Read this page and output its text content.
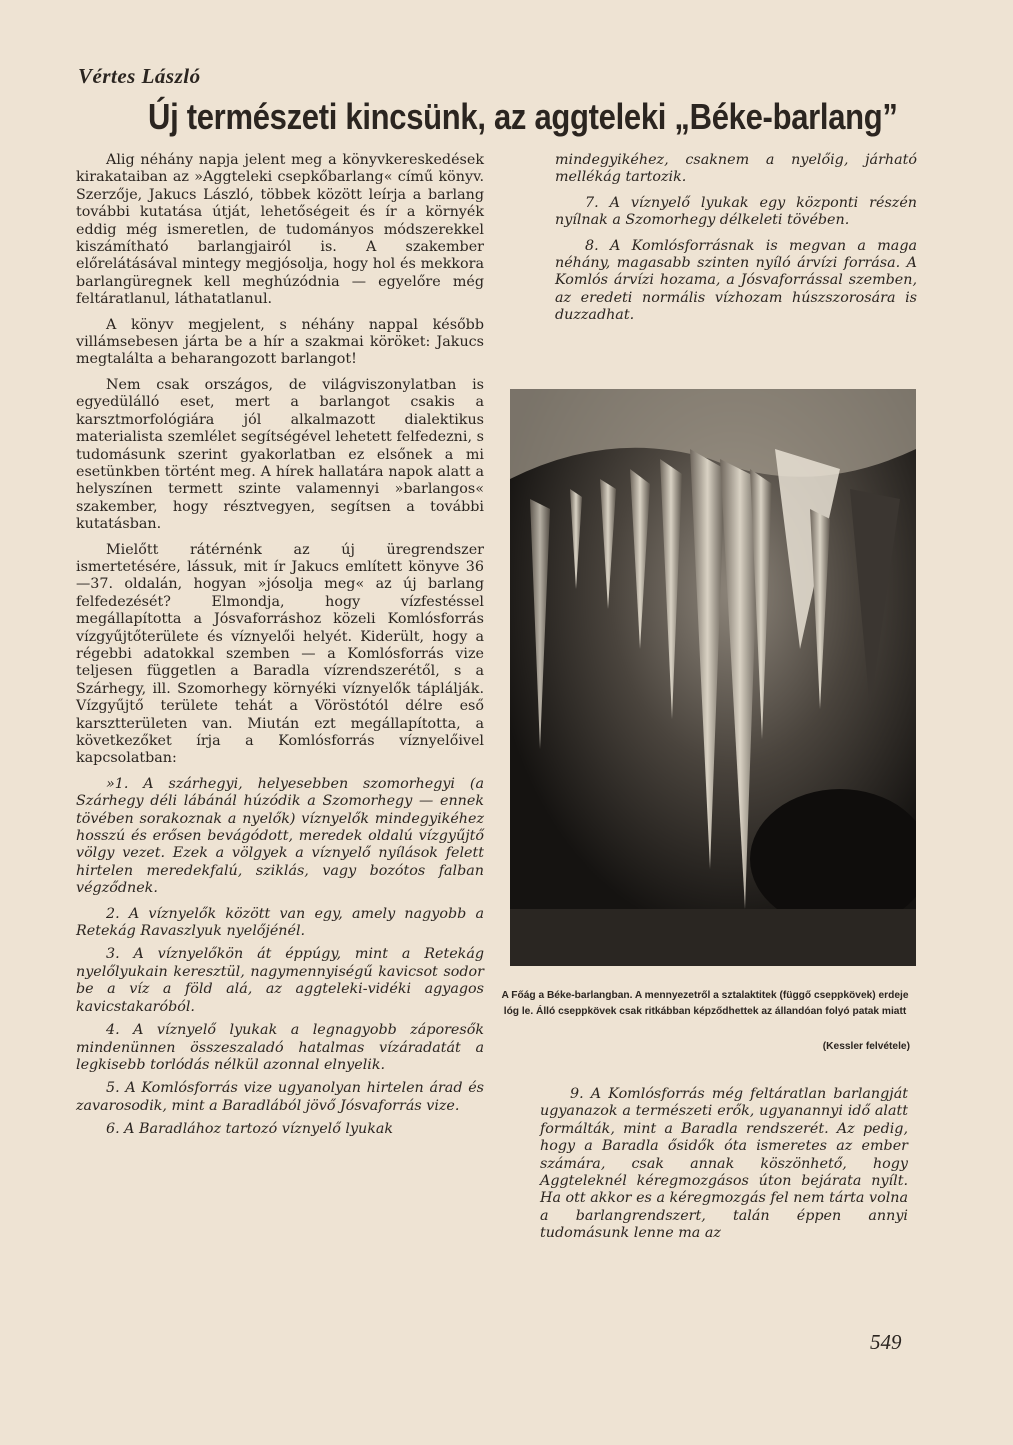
Vértes László
Új természeti kincsünk, az aggteleki „Béke-barlang”

Alig néhány napja jelent meg a könyvkereskedések kirakataiban az »Aggteleki csepkőbarlang« című könyv. Szerzője, Jakucs László, többek között leírja a barlang további kutatása útját, lehetőségeit és ír a környék eddig még ismeretlen, de tudományos módszerekkel kiszámítható barlangjairól is. A szakember előrelátásával mintegy megjósolja, hogy hol és mekkora barlangüregnek kell meghúzódnia — egyelőre még feltáratlanul, láthatatlanul.

A könyv megjelent, s néhány nappal később villámsebesen járta be a hír a szakmai köröket: Jakucs megtalálta a beharangozott barlangot!

Nem csak országos, de világviszonylatban is egyedülálló eset, mert a barlangot csakis a karsztmorfológiára jól alkalmazott dialektikus materialista szemlélet segítségével lehetett felfedezni, s tudomásunk szerint gyakorlatban ez elsőnek a mi esetünkben történt meg. A hírek hallatára napok alatt a helyszínen termett szinte valamennyi »barlangos« szakember, hogy résztvegyen, segítsen a további kutatásban.

Mielőtt rátérnénk az új üregrendszer ismertetésére, lássuk, mit ír Jakucs említett könyve 36—37. oldalán, hogyan »jósolja meg« az új barlang felfedezését? Elmondja, hogy vízfestéssel megállapította a Jósvaforráshoz közeli Komlósforrás vízgyűjtőterülete és víznyelői helyét. Kiderült, hogy a régebbi adatokkal szemben — a Komlósforrás vize teljesen független a Baradla vízrendszerétől, s a Szárhegy, ill. Szomorhegy környéki víznyelők táplálják. Vízgyűjtő területe tehát a Vöröstótól délre eső karsztterületen van. Miután ezt megállapította, a következőket írja a Komlósforrás víznyelőivel kapcsolatban:

»1. A szárhegyi, helyesebben szomorhegyi (a Szárhegy déli lábánál húzódik a Szomorhegy — ennek tövében sorakoznak a nyelők) víznyelők mindegyikéhez hosszú és erősen bevágódott, meredek oldalú vízgyűjtő völgy vezet. Ezek a völgyek a víznyelő nyílások felett hirtelen meredekfalú, sziklás, vagy bozótos falban végződnek.

2. A víznyelők között van egy, amely nagyobb a Retekág Ravaszlyuk nyelőjénél.

3. A víznyelőkön át éppúgy, mint a Retekág nyelőlyukain keresztül, nagymennyiségű kavicsot sodor be a víz a föld alá, az aggteleki-vidéki agyagos kavicstakaróból.

4. A víznyelő lyukak a legnagyobb záporesők mindenünnen összeszaladó hatalmas vízáradatát a legkisebb torlódás nélkül azonnal elnyelik.

5. A Komlósforrás vize ugyanolyan hirtelen árad és zavarosodik, mint a Baradlából jövő Jósvaforrás vize.

6. A Baradlához tartozó víznyelő lyukak

mindegyikéhez, csaknem a nyelőig, járható mellékág tartozik.

7. A víznyelő lyukak egy központi részén nyílnak a Szomorhegy délkeleti tövében.

8. A Komlósforrásnak is megvan a maga néhány, magasabb szinten nyíló árvízi forrása. A Komlós árvízi hozama, a Jósvaforrással szemben, az eredeti normális vízhozam húszszorosára is duzzadhat.

A Főág a Béke-barlangban. A mennyezetről a sztalaktitek (függő cseppkövek) erdeje lóg le. Álló cseppkövek csak ritkábban képződhettek az állandóan folyó patak miatt
(Kessler felvétele)

9. A Komlósforrás még feltáratlan barlangját ugyanazok a természeti erők, ugyanannyi idő alatt formálták, mint a Baradla rendszerét. Az pedig, hogy a Baradla ősidők óta ismeretes az ember számára, csak annak köszönhető, hogy Aggteleknél kéregmozgásos úton bejárata nyílt. Ha ott akkor es a kéregmozgás fel nem tárta volna a barlangrendszert, talán éppen annyi tudomásunk lenne ma az

549
